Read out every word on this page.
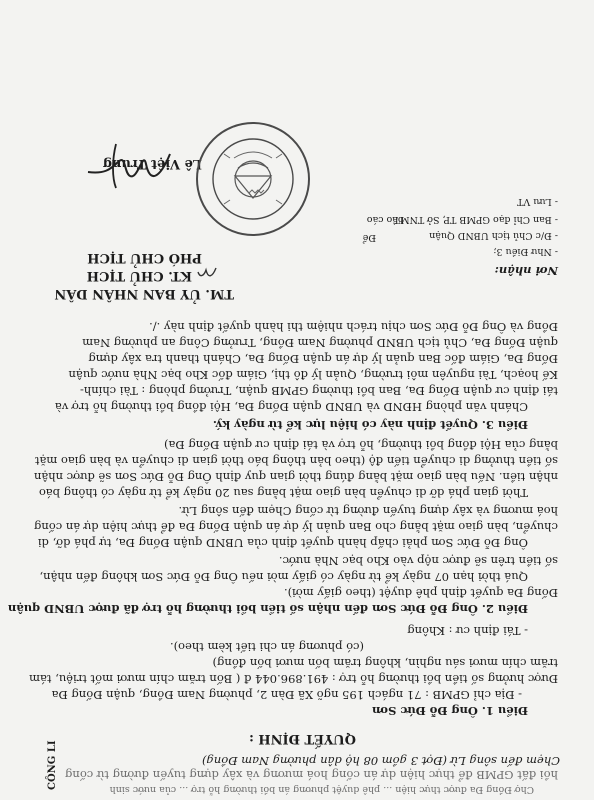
Chợ Đồng Đa được thực hiện ... phê duyệt phương án bồi thường hỗ trợ ... của nước sinh
hồi đất GPMB để thực hiện dự án cống hoá mương và xây dựng tuyến đường từ cống
Chẹm đến sông Lừ (Đợt 3 gồm 08 hộ dân phường Nam Đồng)
QUYẾT ĐỊNH :
Điều 1. Ông Đỗ Đức Sơn
- Địa chỉ GPMB : 71 ngách 195 ngõ Xã Đàn 2, phường Nam Đồng, quận Đống Đa
Được hưởng số tiền bồi thường hỗ trợ : 491.896.044 đ ( Bốn trăm chín mươi mốt triệu, tám
trăm chín mươi sáu nghìn, không trăm bốn mươi bốn đồng)
(có phương án chi tiết kèm theo).
- Tái định cư : Không
Điều 2. Ông Đỗ Đức Sơn đến nhận số tiền bồi thường hỗ trợ đã được UBND quận
Đống Đa quyết định phê duyệt (theo giấy mời).
Quá thời hạn 07 ngày kể từ ngày có giấy mời nếu Ông Đỗ Đức Sơn không đến nhận,
số tiền trên sẽ được nộp vào Kho bạc Nhà nước.
Ông Đỗ Đức Sơn phải chấp hành quyết định của UBND quận Đống Đa, tự phá dỡ, di
chuyển, bàn giao mặt bằng cho Ban quản lý dự án quận Đống Đa để thực hiện dự án cống
hoá mương và xây dựng tuyến đường từ cống Chẹm đến sông Lừ.
Thời gian phá dỡ di chuyển bàn giao mặt bằng sau 20 ngày kể từ ngày có thông báo
nhận tiền. Nếu bàn giao mặt bằng đúng thời gian quy định Ông Đỗ Đức Sơn sẽ được nhận
số tiền thưởng di chuyển tiến độ (theo bản thông báo thời gian di chuyển và bàn giao mặt
bằng của Hội đồng bồi thường, hỗ trợ và tái định cư quận Đống Đa)
Điều 3. Quyết định này có hiệu lực kể từ ngày ký.
Chánh văn phòng HĐND và UBND quận Đống Đa, Hội đồng bồi thường hỗ trợ và
tái định cư quận Đống Đa, Ban bồi thường GPMB quận, Trưởng phòng : Tài chính-
Kế hoạch, Tài nguyên môi trường, Quản lý đô thị, Giám đốc Kho bạc Nhà nước quận
Đống Đa, Giám đốc Ban quản lý dự án quận Đống Đa, Chánh thanh tra xây dựng
quận Đống Đa, Chủ tịch UBND phường Nam Đồng, Trưởng Công an phường Nam
Đồng và Ông Đỗ Đức Sơn chịu trách nhiệm thi hành quyết định này ./.
TM. ỦY BAN NHÂN DÂN
KT. CHỦ TỊCH
PHÓ CHỦ TỊCH
Nơi nhận:
- Như Điều 3;
- Đ/c Chủ tịch UBND Quận
- Ban Chỉ đạo GPMB TP, Sở TNMT
- Lưu VT
Để
báo cáo
Lê Việt Trung
CÔNG LI
